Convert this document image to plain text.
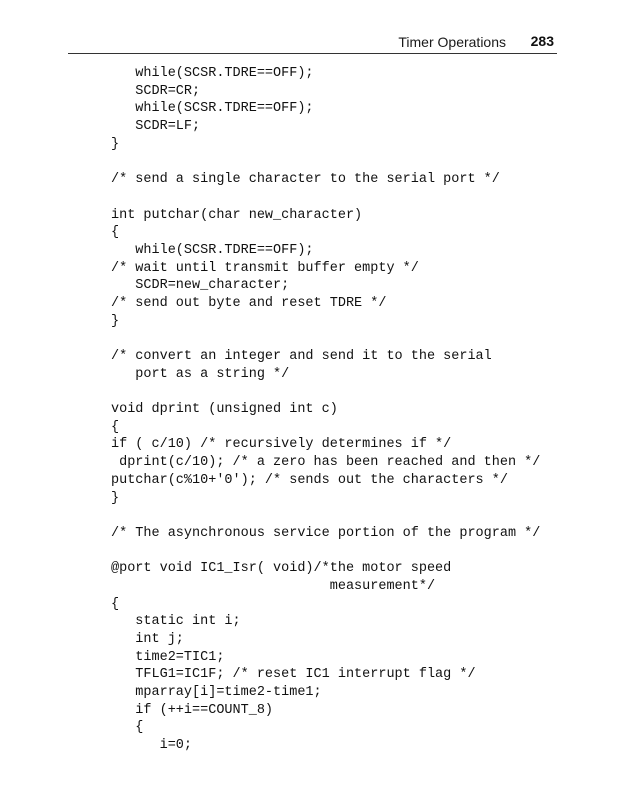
Timer Operations 283
while(SCSR.TDRE==OFF);
SCDR=CR;
while(SCSR.TDRE==OFF);
SCDR=LF;
}
/* send a single character to the serial port */
int putchar(char new_character)
{
while(SCSR.TDRE==OFF);
/* wait until transmit buffer empty */
SCDR=new_character;
/* send out byte and reset TDRE */
}
/* convert an integer and send it to the serial
port as a string */
void dprint (unsigned int c)
{
if ( c/10) /* recursively determines if */
dprint(c/10); /* a zero has been reached and then */
putchar(c%10+'0'); /* sends out the characters */
}
/* The asynchronous service portion of the program */
@port void IC1_Isr( void)/*the motor speed
measurement*/
{
static int i;
int j;
time2=TIC1;
TFLG1=IC1F; /* reset IC1 interrupt flag */
mparray[i]=time2-time1;
if (++i==COUNT_8)
{
i=0;
